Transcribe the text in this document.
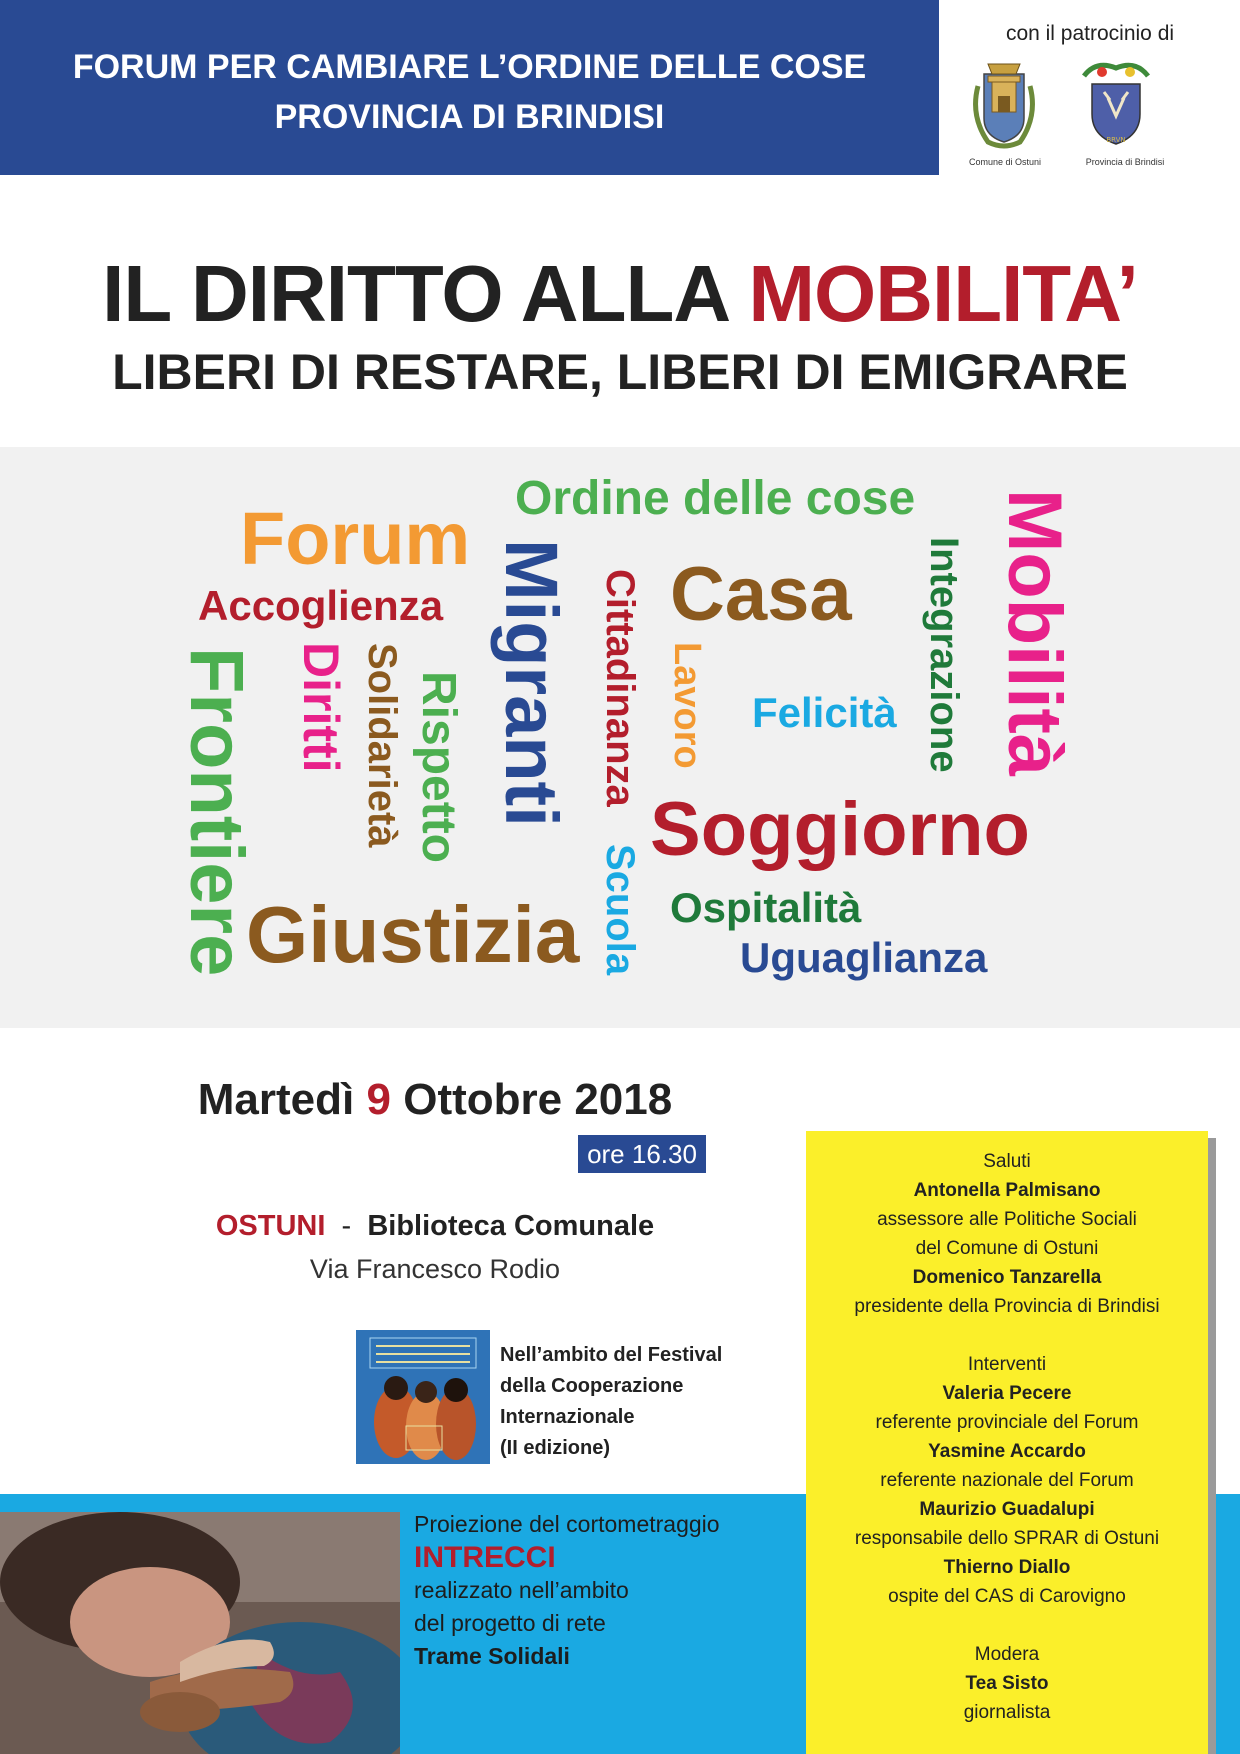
FORUM PER CAMBIARE L’ORDINE DELLE COSE
PROVINCIA DI BRINDISI
con il patrocinio di
Comune di Ostuni
BRVN
Provincia di Brindisi
IL DIRITTO ALLA MOBILITA’
LIBERI DI RESTARE, LIBERI DI EMIGRARE
Ordine delle cose
Forum
Accoglienza Migranti Cittadinanza Casa
Lavoro	Integrazione Mobilità
Frontiere Diritti Solidarietà Rispetto	Felicità
Soggiorno
Scuola
Giustizia Ospitalità
Uguaglianza
Martedì 9 Ottobre 2018
ore 16.30
OSTUNI - Biblioteca Comunale
Via Francesco Rodio
Nell’ambito del Festival
della Cooperazione
Internazionale
(II edizione)
Proiezione del cortometraggio
INTRECCI
realizzato nell’ambito
del progetto di rete
Trame Solidali
Saluti
Antonella Palmisano
assessore alle Politiche Sociali
del Comune di Ostuni
Domenico Tanzarella
presidente della Provincia di Brindisi
Interventi
Valeria Pecere
referente provinciale del Forum
Yasmine Accardo
referente nazionale del Forum
Maurizio Guadalupi
responsabile dello SPRAR di Ostuni
Thierno Diallo
ospite del CAS di Carovigno
Modera
Tea Sisto
giornalista
